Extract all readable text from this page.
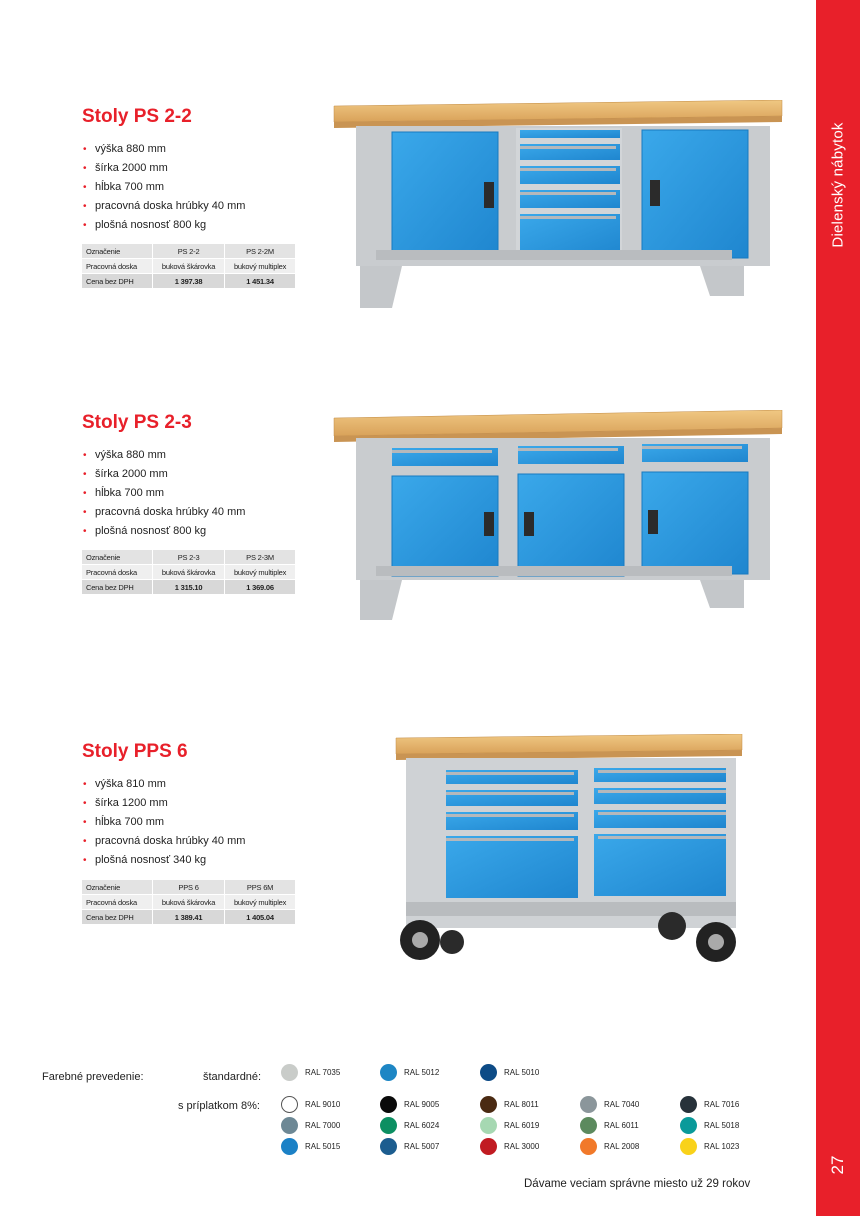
Dielenský nábytok
27
Stoly PS 2-2
• výška 880 mm
• šírka 2000 mm
• hĺbka 700 mm
• pracovná doska hrúbky 40 mm
• plošná nosnosť 800 kg
Označenie	PS 2-2	PS 2-2M
Pracovná doska	buková škárovka	bukový multiplex
Cena bez DPH	1 397.38	1 451.34
Stoly PS 2-3
• výška 880 mm
• šírka 2000 mm
• hĺbka 700 mm
• pracovná doska hrúbky 40 mm
• plošná nosnosť 800 kg
Označenie	PS 2-3	PS 2-3M
Pracovná doska	buková škárovka	bukový multiplex
Cena bez DPH	1 315.10	1 369.06
Stoly PPS 6
• výška 810 mm
• šírka 1200 mm
• hĺbka 700 mm
• pracovná doska hrúbky 40 mm
• plošná nosnosť 340 kg
Označenie	PPS 6	PPS 6M
Pracovná doska	buková škárovka	bukový multiplex
Cena bez DPH	1 389.41	1 405.04
Farebné prevedenie:	štandardné:
s príplatkom 8%:
RAL 7035	RAL 5012	RAL 5010
RAL 9010	RAL 9005	RAL 8011	RAL 7040	RAL 7016
RAL 7000	RAL 6024	RAL 6019	RAL 6011	RAL 5018
RAL 5015	RAL 5007	RAL 3000	RAL 2008	RAL 1023
Dávame veciam správne miesto už 29 rokov
